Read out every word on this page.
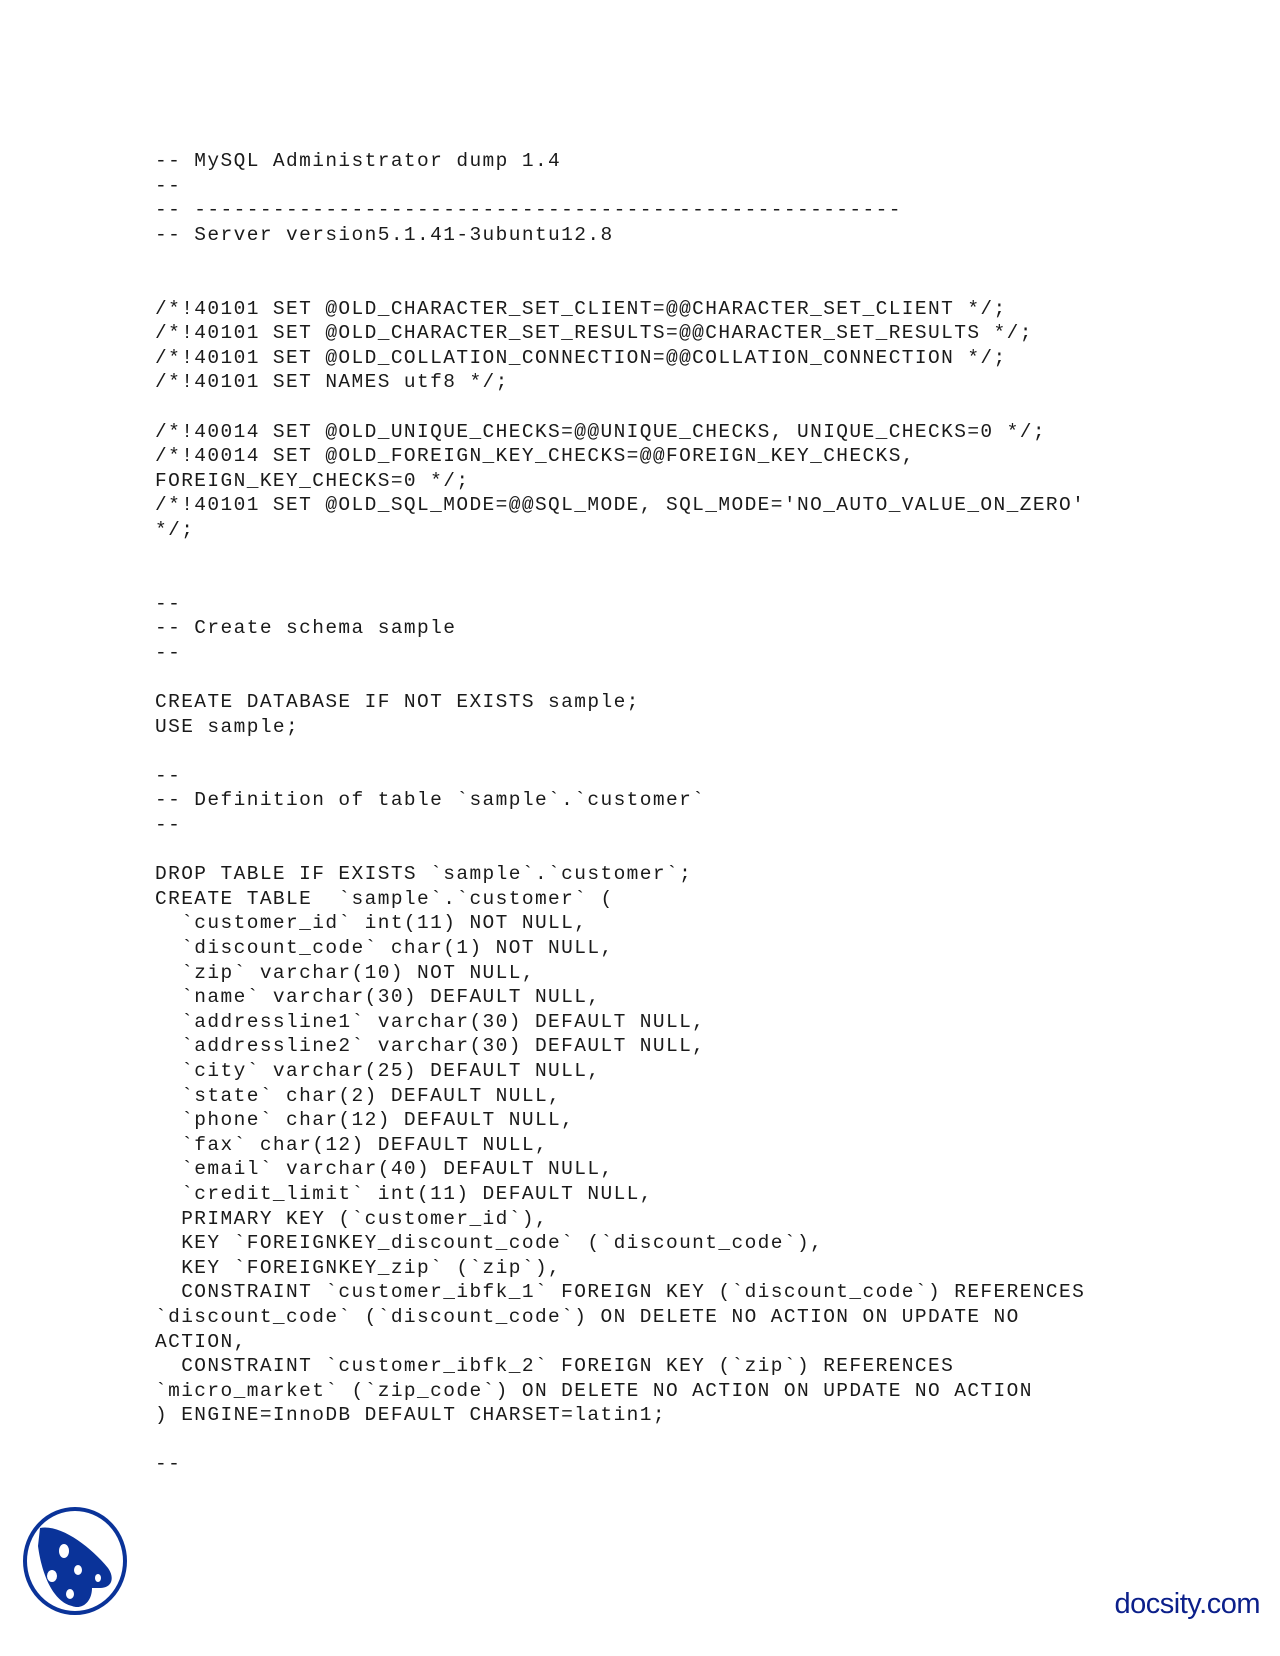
-- MySQL Administrator dump 1.4
--
-- ------------------------------------------------------
-- Server version5.1.41-3ubuntu12.8
/*!40101 SET @OLD_CHARACTER_SET_CLIENT=@@CHARACTER_SET_CLIENT */;
/*!40101 SET @OLD_CHARACTER_SET_RESULTS=@@CHARACTER_SET_RESULTS */;
/*!40101 SET @OLD_COLLATION_CONNECTION=@@COLLATION_CONNECTION */;
/*!40101 SET NAMES utf8 */;
/*!40014 SET @OLD_UNIQUE_CHECKS=@@UNIQUE_CHECKS, UNIQUE_CHECKS=0 */;
/*!40014 SET @OLD_FOREIGN_KEY_CHECKS=@@FOREIGN_KEY_CHECKS,
FOREIGN_KEY_CHECKS=0 */;
/*!40101 SET @OLD_SQL_MODE=@@SQL_MODE, SQL_MODE='NO_AUTO_VALUE_ON_ZERO'
*/;
--
-- Create schema sample
--
CREATE DATABASE IF NOT EXISTS sample;
USE sample;
--
-- Definition of table `sample`.`customer`
--
DROP TABLE IF EXISTS `sample`.`customer`;
CREATE TABLE  `sample`.`customer` (
`customer_id` int(11) NOT NULL,
`discount_code` char(1) NOT NULL,
`zip` varchar(10) NOT NULL,
`name` varchar(30) DEFAULT NULL,
`addressline1` varchar(30) DEFAULT NULL,
`addressline2` varchar(30) DEFAULT NULL,
`city` varchar(25) DEFAULT NULL,
`state` char(2) DEFAULT NULL,
`phone` char(12) DEFAULT NULL,
`fax` char(12) DEFAULT NULL,
`email` varchar(40) DEFAULT NULL,
`credit_limit` int(11) DEFAULT NULL,
PRIMARY KEY (`customer_id`),
KEY `FOREIGNKEY_discount_code` (`discount_code`),
KEY `FOREIGNKEY_zip` (`zip`),
CONSTRAINT `customer_ibfk_1` FOREIGN KEY (`discount_code`) REFERENCES
`discount_code` (`discount_code`) ON DELETE NO ACTION ON UPDATE NO
ACTION,
CONSTRAINT `customer_ibfk_2` FOREIGN KEY (`zip`) REFERENCES
`micro_market` (`zip_code`) ON DELETE NO ACTION ON UPDATE NO ACTION
) ENGINE=InnoDB DEFAULT CHARSET=latin1;
--
docsity.com
